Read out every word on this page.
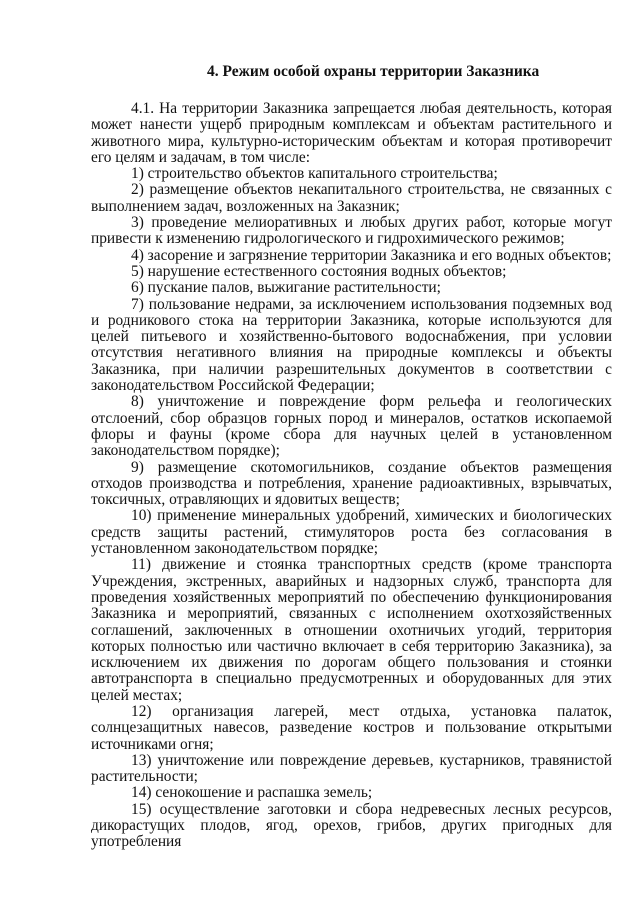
4. Режим особой охраны территории Заказника

4.1. На территории Заказника запрещается любая деятельность, которая может нанести ущерб природным комплексам и объектам растительного и животного мира, культурно-историческим объектам и которая противоречит его целям и задачам, в том числе:

1) строительство объектов капитального строительства;

2) размещение объектов некапитального строительства, не связанных с выполнением задач, возложенных на Заказник;

3) проведение мелиоративных и любых других работ, которые могут привести к изменению гидрологического и гидрохимического режимов;

4) засорение и загрязнение территории Заказника и его водных объектов;

5) нарушение естественного состояния водных объектов;

6) пускание палов, выжигание растительности;

7) пользование недрами, за исключением использования подземных вод и родникового стока на территории Заказника, которые используются для целей питьевого и хозяйственно-бытового водоснабжения, при условии отсутствия негативного влияния на природные комплексы и объекты Заказника, при наличии разрешительных документов в соответствии с законодательством Российской Федерации;

8) уничтожение и повреждение форм рельефа и геологических отслоений, сбор образцов горных пород и минералов, остатков ископаемой флоры и фауны (кроме сбора для научных целей в установленном законодательством порядке);

9) размещение скотомогильников, создание объектов размещения отходов производства и потребления, хранение радиоактивных, взрывчатых, токсичных, отравляющих и ядовитых веществ;

10) применение минеральных удобрений, химических и биологических средств защиты растений, стимуляторов роста без согласования в установленном законодательством порядке;

11) движение и стоянка транспортных средств (кроме транспорта Учреждения, экстренных, аварийных и надзорных служб, транспорта для проведения хозяйственных мероприятий по обеспечению функционирования Заказника и мероприятий, связанных с исполнением охотхозяйственных соглашений, заключенных в отношении охотничьих угодий, территория которых полностью или частично включает в себя территорию Заказника), за исключением их движения по дорогам общего пользования и стоянки автотранспорта в специально предусмотренных и оборудованных для этих целей местах;

12) организация лагерей, мест отдыха, установка палаток, солнцезащитных навесов, разведение костров и пользование открытыми источниками огня;

13) уничтожение или повреждение деревьев, кустарников, травянистой растительности;

14) сенокошение и распашка земель;

15) осуществление заготовки и сбора недревесных лесных ресурсов, дикорастущих плодов, ягод, орехов, грибов, других пригодных для употребления
